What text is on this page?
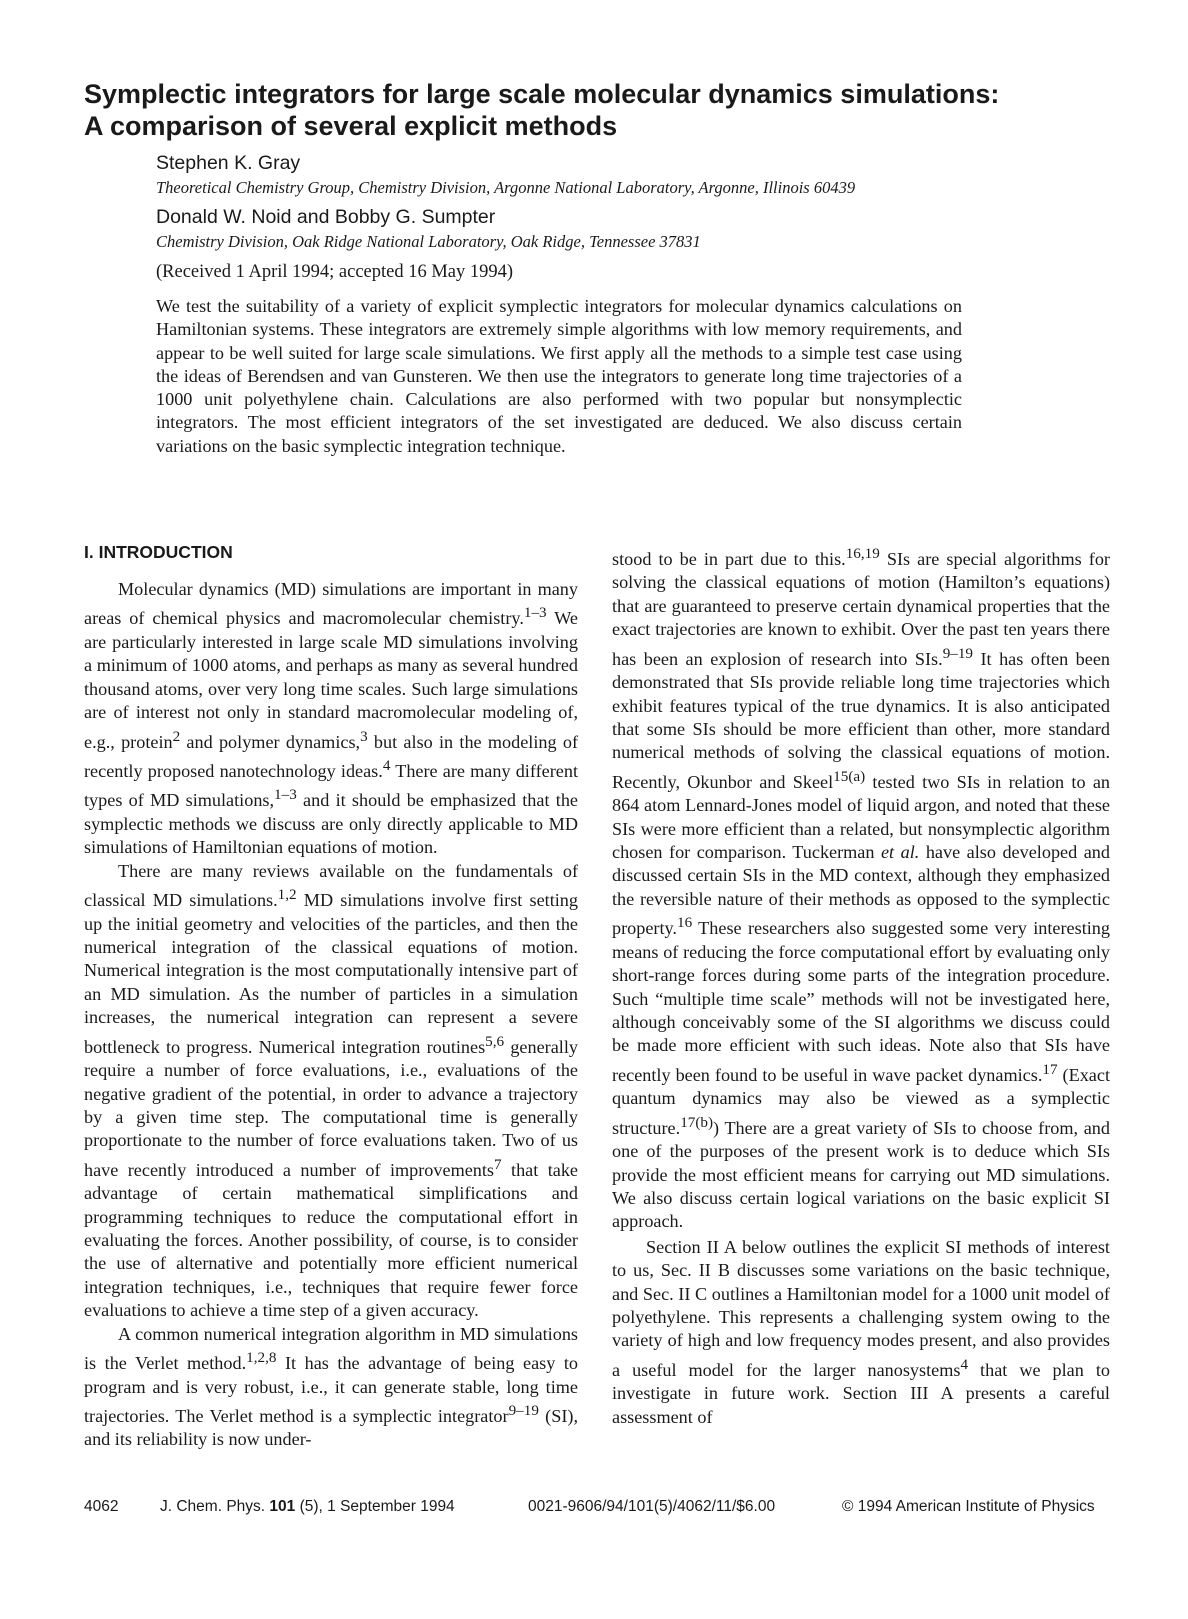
Symplectic integrators for large scale molecular dynamics simulations:
A comparison of several explicit methods

Stephen K. Gray

Theoretical Chemistry Group, Chemistry Division, Argonne National Laboratory, Argonne, Illinois 60439

Donald W. Noid and Bobby G. Sumpter

Chemistry Division, Oak Ridge National Laboratory, Oak Ridge, Tennessee 37831

(Received 1 April 1994; accepted 16 May 1994)

We test the suitability of a variety of explicit symplectic integrators for molecular dynamics calculations on Hamiltonian systems. These integrators are extremely simple algorithms with low memory requirements, and appear to be well suited for large scale simulations. We first apply all the methods to a simple test case using the ideas of Berendsen and van Gunsteren. We then use the integrators to generate long time trajectories of a 1000 unit polyethylene chain. Calculations are also performed with two popular but nonsymplectic integrators. The most efficient integrators of the set investigated are deduced. We also discuss certain variations on the basic symplectic integration technique.

I. INTRODUCTION

Molecular dynamics (MD) simulations are important in many areas of chemical physics and macromolecular chemistry.$^{1-3}$ We are particularly interested in large scale MD simulations involving a minimum of 1000 atoms, and perhaps as many as several hundred thousand atoms, over very long time scales. Such large simulations are of interest not only in standard macromolecular modeling of, e.g., protein$^2$ and polymer dynamics,$^3$ but also in the modeling of recently proposed nanotechnology ideas.$^4$ There are many different types of MD simulations,$^{1-3}$ and it should be emphasized that the symplectic methods we discuss are only directly applicable to MD simulations of Hamiltonian equations of motion.

There are many reviews available on the fundamentals of classical MD simulations.$^{1,2}$ MD simulations involve first setting up the initial geometry and velocities of the particles, and then the numerical integration of the classical equations of motion. Numerical integration is the most computationally intensive part of an MD simulation. As the number of particles in a simulation increases, the numerical integration can represent a severe bottleneck to progress. Numerical integration routines$^{5,6}$ generally require a number of force evaluations, i.e., evaluations of the negative gradient of the potential, in order to advance a trajectory by a given time step. The computational time is generally proportionate to the number of force evaluations taken. Two of us have recently introduced a number of improvements$^7$ that take advantage of certain mathematical simplifications and programming techniques to reduce the computational effort in evaluating the forces. Another possibility, of course, is to consider the use of alternative and potentially more efficient numerical integration techniques, i.e., techniques that require fewer force evaluations to achieve a time step of a given accuracy.

A common numerical integration algorithm in MD simulations is the Verlet method.$^{1,2,8}$ It has the advantage of being easy to program and is very robust, i.e., it can generate stable, long time trajectories. The Verlet method is a symplectic integrator$^{9-19}$ (SI), and its reliability is now under-

stood to be in part due to this.$^{16,19}$ SIs are special algorithms for solving the classical equations of motion (Hamilton’s equations) that are guaranteed to preserve certain dynamical properties that the exact trajectories are known to exhibit. Over the past ten years there has been an explosion of research into SIs.$^{9-19}$ It has often been demonstrated that SIs provide reliable long time trajectories which exhibit features typical of the true dynamics. It is also anticipated that some SIs should be more efficient than other, more standard numerical methods of solving the classical equations of motion. Recently, Okunbor and Skeel$^{15(a)}$ tested two SIs in relation to an 864 atom Lennard-Jones model of liquid argon, and noted that these SIs were more efficient than a related, but nonsymplectic algorithm chosen for comparison. Tuckerman et al. have also developed and discussed certain SIs in the MD context, although they emphasized the reversible nature of their methods as opposed to the symplectic property.$^{16}$ These researchers also suggested some very interesting means of reducing the force computational effort by evaluating only short-range forces during some parts of the integration procedure. Such “multiple time scale” methods will not be investigated here, although conceivably some of the SI algorithms we discuss could be made more efficient with such ideas. Note also that SIs have recently been found to be useful in wave packet dynamics.$^{17}$ (Exact quantum dynamics may also be viewed as a symplectic structure.$^{17(b)}$) There are a great variety of SIs to choose from, and one of the purposes of the present work is to deduce which SIs provide the most efficient means for carrying out MD simulations. We also discuss certain logical variations on the basic explicit SI approach.

Section II A below outlines the explicit SI methods of interest to us, Sec. II B discusses some variations on the basic technique, and Sec. II C outlines a Hamiltonian model for a 1000 unit model of polyethylene. This represents a challenging system owing to the variety of high and low frequency modes present, and also provides a useful model for the larger nanosystems$^4$ that we plan to investigate in future work. Section III A presents a careful assessment of

4062	J. Chem. Phys. 101 (5), 1 September 1994	0021-9606/94/101(5)/4062/11/$6.00	© 1994 American Institute of Physics
